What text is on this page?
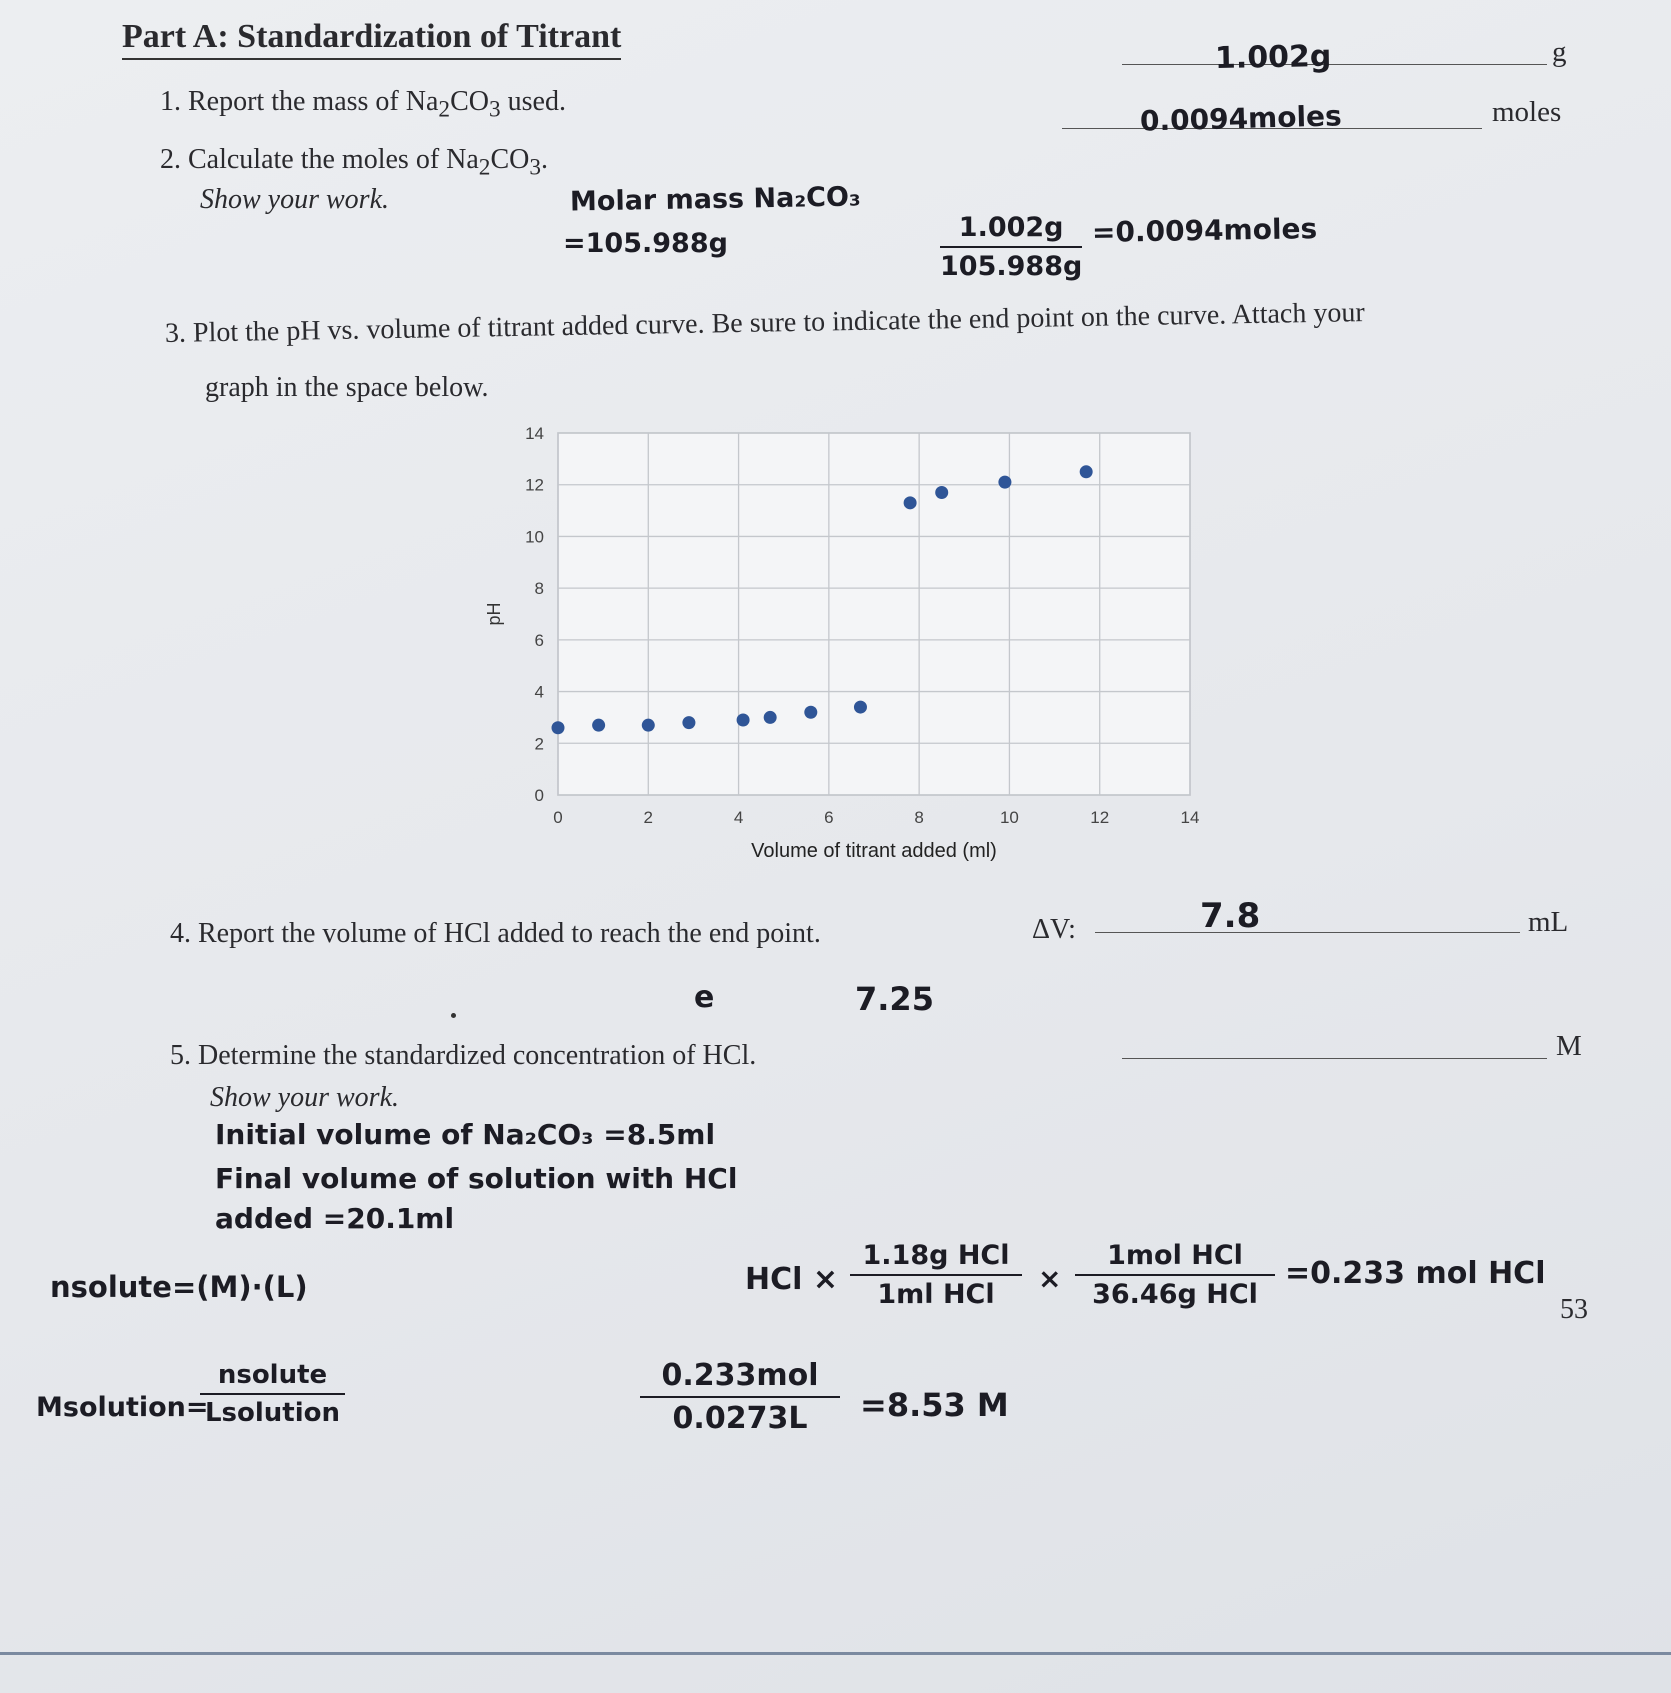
Part A: Standardization of Titrant
1. Report the mass of $Na_2CO_3$ used.
1.002g	g
2. Calculate the moles of $Na_2CO_3$.
Show your work.
0.0094moles	moles
Molar mass Na₂CO₃
=105.988g
1.002g
105.988g
=0.0094moles
3. Plot the pH vs. volume of titrant added curve. Be sure to indicate the end point on the curve. Attach your
graph in the space below.
0
2
4
6
8
10
12
14
0	2	4	6	8	10	12	14
pH
Volume of titrant added (ml)
4. Report the volume of HCl added to reach the end point.	ΔV:	7.8	mL
e	7.25
5. Determine the standardized concentration of HCl.	M
Show your work.
Initial volume of Na₂CO₃ =8.5ml
Final volume of solution with HCl
added =20.1ml
nsolute=(M)·(L)	HCl ×
1.18g HCl
1ml HCl	×
1mol HCl
36.46g HCl
=0.233 mol HCl
53
Msolution=
nsolute
Lsolution
0.233mol
0.0273L	=8.53 M
